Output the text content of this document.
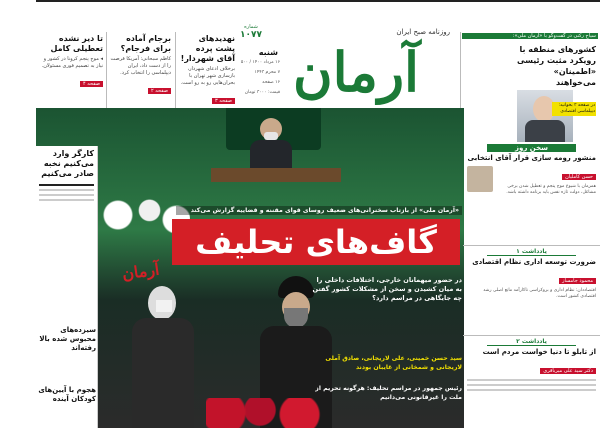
آرمان
روزنامه صبح ایران
شنبه
۱۶ مرداد ۱۴۰۰ / ۵۰۰
۷ محرم ۱۴۴۳
۱۶ صفحه
قیمت: ۳۰۰۰ تومان
شماره
۱۰۷۷
نهدیدهای پشت پرده آقای شهردار!

برخلاف ادعای شهردار، بازسازی شهر تهران با بحران‌هایی رو به رو است.

صفحه ۳
برجام آماده برای فرجام؟

کاظم سبحانی: آمریکا فرصت را از دست داد، ایران دیپلماسی را انتخاب کرد.

صفحه ۲
تا دیر نشده تعطیلی کامل

◂ موج پنجم کرونا در کشور و نیاز به تصمیم فوری مسئولان.

صفحه ۴
سیاح رکنی در گفت‌وگو با «آرمان ملی»:
کشورهای منطقه با رویکرد مثبت رئیسی «اطمینان» می‌خواهند
در صفحه ۳ بخوانید: دیپلماسی اقتصادی
«آرمان ملی» از بازتاب سخنرانی‌های ضعیف روسای قوای مقننه و قضاییه گزارش می‌کند
گاف‌های تحلیف
آرمان	در حضور میهمانان خارجی، اختلافات داخلی را به میان کشیدن و سخن از مشکلات کشور گفتن چه جایگاهی در مراسم دارد؟
سید حسن خمینی، علی لاریجانی، صادق آملی لاریجانی و شمخانی از غایبان بودند
رئیس جمهور در مراسم تحلیف: هرگونه تحریم از ملت را غیرقانونی می‌دانیم
کارگر وارد می‌کنیم نخبه صادر می‌کنیم
سیزده‌های محبوس شده بالا رفته‌اند
هجوم با آیین‌های کودکان آینده
سخن روز
منشور رومه سازی قرار آقای انتخابی
حسن کاملیان

همزمان با شیوع موج پنجم و تعطیل شدن برخی مشاغل، دولت تازه نفس باید برنامه داشته باشد.

یادداشت ۱
ضرورت توسعه اداری نظام اقتصادی
محمود جامساز

اقتصاددان: نظام اداری و بروکراسی ناکارآمد مانع اصلی رشد اقتصادی کشور است.

یادداشت ۲
از تابلو تا دنیا خواست مردم است
دکتر سید علی میرباقری
